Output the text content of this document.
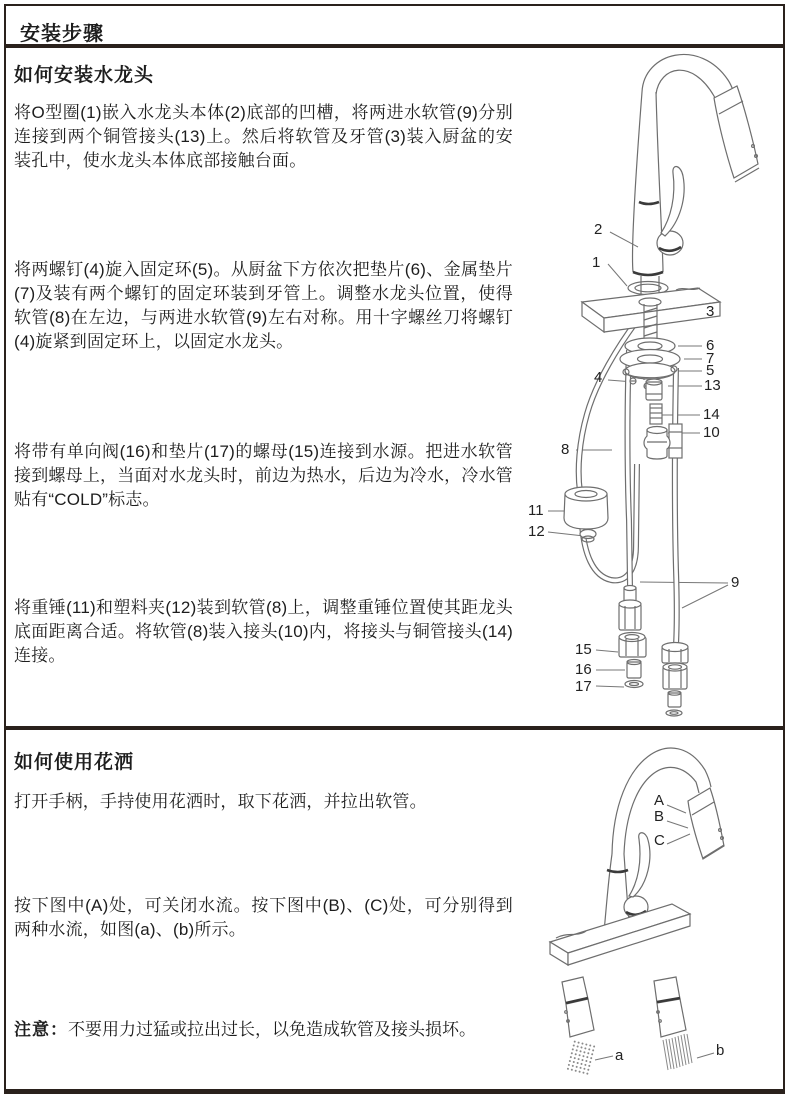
安装步骤
如何安装水龙头

将O型圈(1)嵌入水龙头本体(2)底部的凹槽，将两进水软管(9)分别连接到两个铜管接头(13)上。然后将软管及牙管(3)装入厨盆的安装孔中，使水龙头本体底部接触台面。

将两螺钉(4)旋入固定环(5)。从厨盆下方依次把垫片(6)、金属垫片(7)及装有两个螺钉的固定环装到牙管上。调整水龙头位置，使得软管(8)在左边，与两进水软管(9)左右对称。用十字螺丝刀将螺钉(4)旋紧到固定环上，以固定水龙头。

将带有单向阀(16)和垫片(17)的螺母(15)连接到水源。把进水软管接到螺母上，当面对水龙头时，前边为热水，后边为冷水，冷水管贴有“COLD”标志。

将重锤(11)和塑料夹(12)装到软管(8)上，调整重锤位置使其距龙头底面距离合适。将软管(8)装入接头(10)内，将接头与铜管接头(14)连接。

2
1
3
6
7
5
4	13
14
10
8
11
12
9
15
16
17
如何使用花洒

打开手柄，手持使用花洒时，取下花洒，并拉出软管。

按下图中(A)处，可关闭水流。按下图中(B)、(C)处，可分别得到两种水流，如图(a)、(b)所示。

注意：不要用力过猛或拉出过长，以免造成软管及接头损坏。

A
B
C
a	b
